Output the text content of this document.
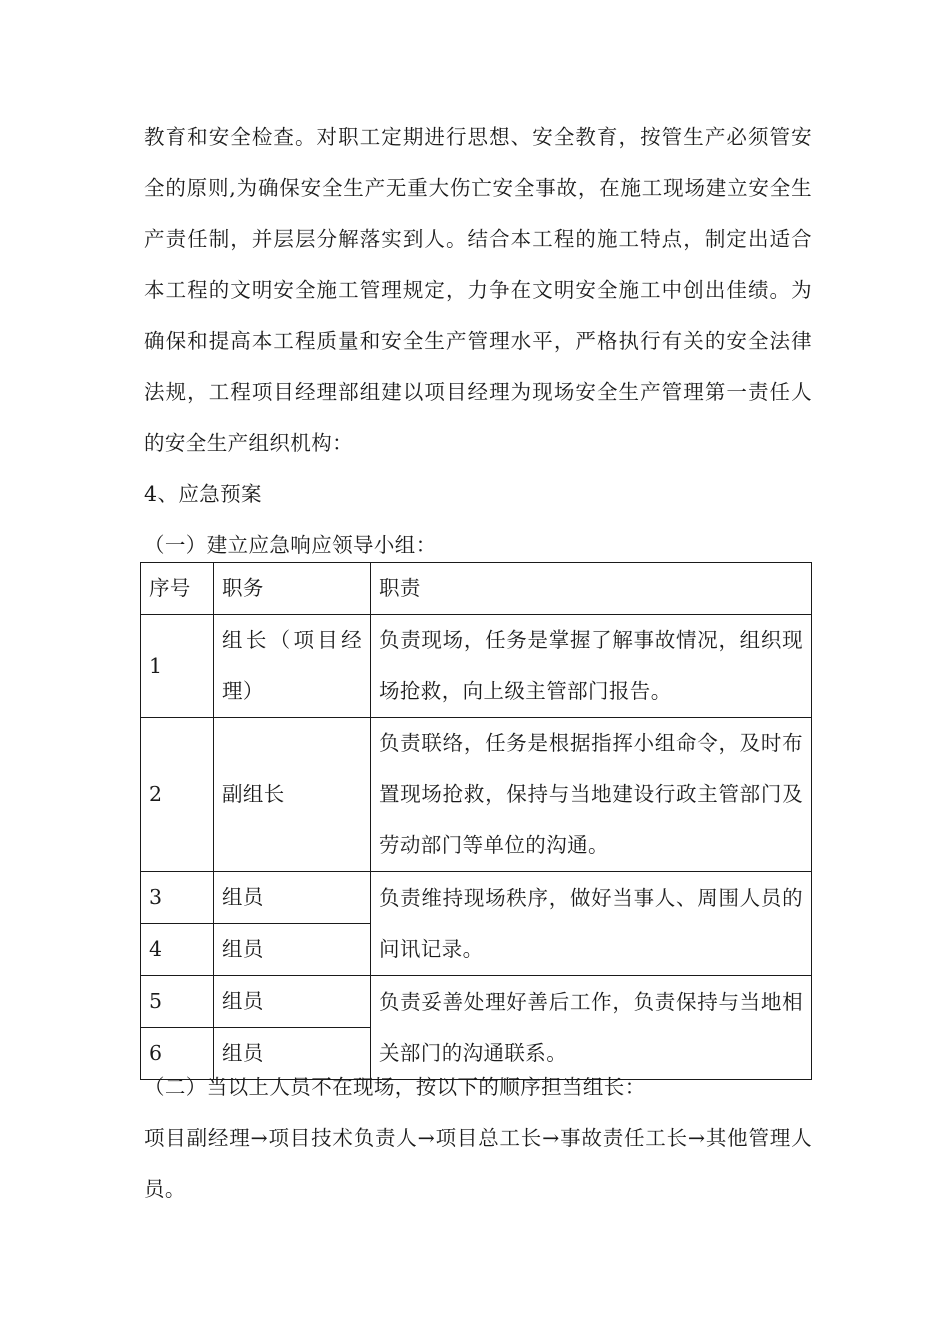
教育和安全检查。对职工定期进行思想、安全教育，按管生产必须管安全的原则,为确保安全生产无重大伤亡安全事故，在施工现场建立安全生产责任制，并层层分解落实到人。结合本工程的施工特点，制定出适合本工程的文明安全施工管理规定，力争在文明安全施工中创出佳绩。为确保和提高本工程质量和安全生产管理水平，严格执行有关的安全法律法规，工程项目经理部组建以项目经理为现场安全生产管理第一责任人的安全生产组织机构：

4、应急预案

（一）建立应急响应领导小组：

序号	职务	职责
1	组长（项目经理）	负责现场，任务是掌握了解事故情况，组织现场抢救，向上级主管部门报告。
2	副组长	负责联络，任务是根据指挥小组命令，及时布置现场抢救，保持与当地建设行政主管部门及劳动部门等单位的沟通。
3	组员	负责维持现场秩序，做好当事人、周围人员的问讯记录。
4	组员	
5	组员	负责妥善处理好善后工作，负责保持与当地相关部门的沟通联系。
6	组员	

（二）当以上人员不在现场，按以下的顺序担当组长：

项目副经理→项目技术负责人→项目总工长→事故责任工长→其他管理人员。
